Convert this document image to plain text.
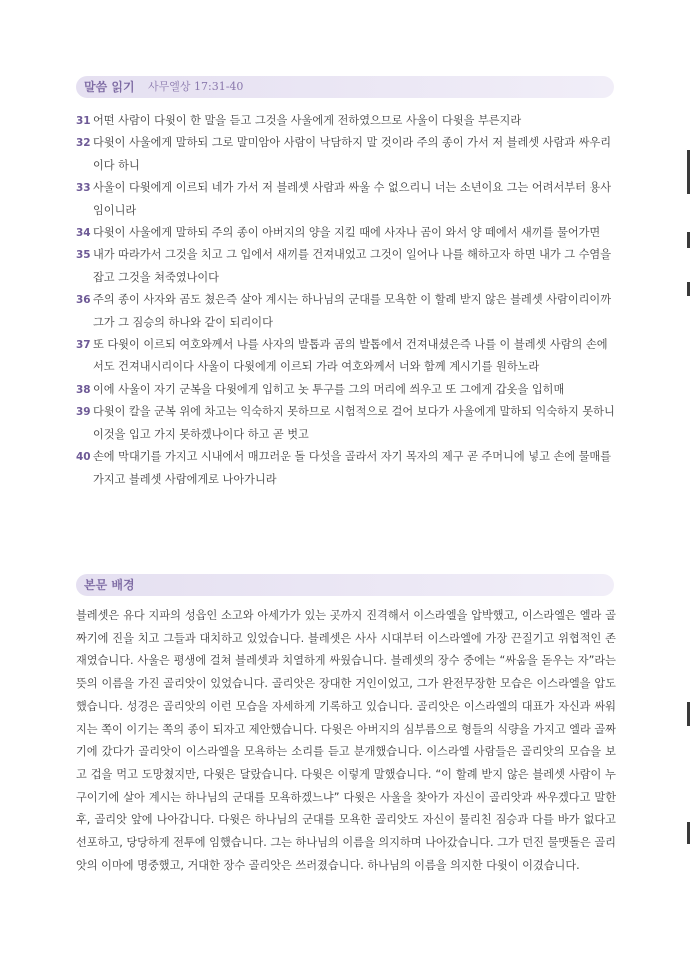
말씀 읽기 사무엘상 17:31-40

31 어떤 사람이 다윗이 한 말을 듣고 그것을 사울에게 전하였으므로 사울이 다윗을 부른지라

32 다윗이 사울에게 말하되 그로 말미암아 사람이 낙담하지 말 것이라 주의 종이 가서 저 블레셋 사람과 싸우리이다 하니

33 사울이 다윗에게 이르되 네가 가서 저 블레셋 사람과 싸울 수 없으리니 너는 소년이요 그는 어려서부터 용사임이니라

34 다윗이 사울에게 말하되 주의 종이 아버지의 양을 지킬 때에 사자나 곰이 와서 양 떼에서 새끼를 물어가면

35 내가 따라가서 그것을 치고 그 입에서 새끼를 건져내었고 그것이 일어나 나를 해하고자 하면 내가 그 수염을 잡고 그것을 쳐죽였나이다

36 주의 종이 사자와 곰도 쳤은즉 살아 계시는 하나님의 군대를 모욕한 이 할례 받지 않은 블레셋 사람이리이까 그가 그 짐승의 하나와 같이 되리이다

37 또 다윗이 이르되 여호와께서 나를 사자의 발톱과 곰의 발톱에서 건져내셨은즉 나를 이 블레셋 사람의 손에서도 건져내시리이다 사울이 다윗에게 이르되 가라 여호와께서 너와 함께 계시기를 원하노라

38 이에 사울이 자기 군복을 다윗에게 입히고 놋 투구를 그의 머리에 씌우고 또 그에게 갑옷을 입히매

39 다윗이 칼을 군복 위에 차고는 익숙하지 못하므로 시험적으로 걸어 보다가 사울에게 말하되 익숙하지 못하니 이것을 입고 가지 못하겠나이다 하고 곧 벗고

40 손에 막대기를 가지고 시내에서 매끄러운 돌 다섯을 골라서 자기 목자의 제구 곧 주머니에 넣고 손에 물매를 가지고 블레셋 사람에게로 나아가니라

본문 배경

블레셋은 유다 지파의 성읍인 소고와 아세가가 있는 곳까지 진격해서 이스라엘을 압박했고, 이스라엘은 엘라 골짜기에 진을 치고 그들과 대치하고 있었습니다. 블레셋은 사사 시대부터 이스라엘에 가장 끈질기고 위협적인 존재였습니다. 사울은 평생에 걸쳐 블레셋과 치열하게 싸웠습니다. 블레셋의 장수 중에는 “싸움을 돋우는 자”라는 뜻의 이름을 가진 골리앗이 있었습니다. 골리앗은 장대한 거인이었고, 그가 완전무장한 모습은 이스라엘을 압도했습니다. 성경은 골리앗의 이런 모습을 자세하게 기록하고 있습니다. 골리앗은 이스라엘의 대표가 자신과 싸워 지는 쪽이 이기는 쪽의 종이 되자고 제안했습니다. 다윗은 아버지의 심부름으로 형들의 식량을 가지고 엘라 골짜기에 갔다가 골리앗이 이스라엘을 모욕하는 소리를 듣고 분개했습니다. 이스라엘 사람들은 골리앗의 모습을 보고 겁을 먹고 도망쳤지만, 다윗은 달랐습니다. 다윗은 이렇게 말했습니다. “이 할례 받지 않은 블레셋 사람이 누구이기에 살아 계시는 하나님의 군대를 모욕하겠느냐” 다윗은 사울을 찾아가 자신이 골리앗과 싸우겠다고 말한 후, 골리앗 앞에 나아갑니다. 다윗은 하나님의 군대를 모욕한 골리앗도 자신이 물리친 짐승과 다를 바가 없다고 선포하고, 당당하게 전투에 임했습니다. 그는 하나님의 이름을 의지하며 나아갔습니다. 그가 던진 물맷돌은 골리앗의 이마에 명중했고, 거대한 장수 골리앗은 쓰러졌습니다. 하나님의 이름을 의지한 다윗이 이겼습니다.
